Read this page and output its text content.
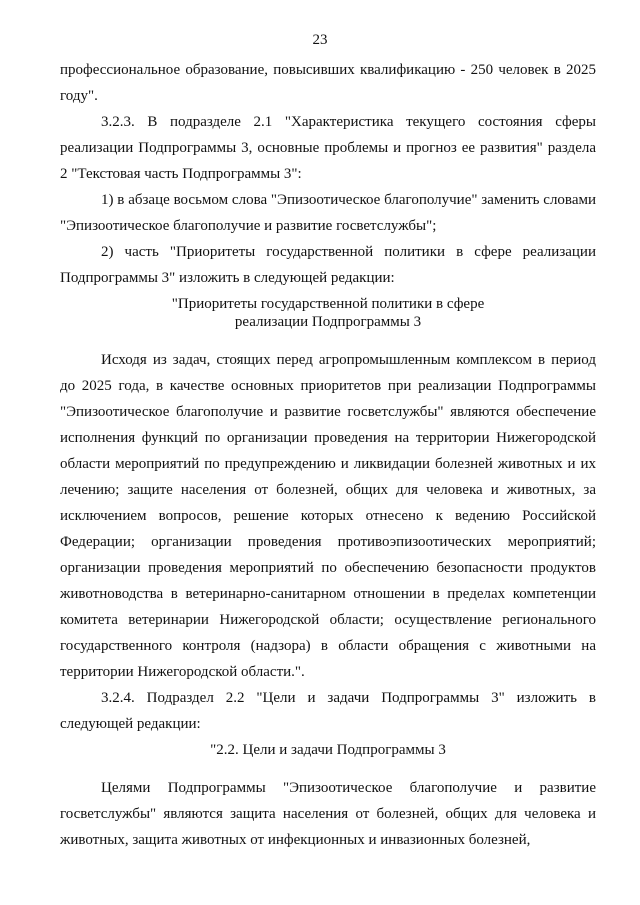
23

профессиональное образование, повысивших квалификацию - 250 человек в 2025 году".

3.2.3. В подразделе 2.1 "Характеристика текущего состояния сферы реализации Подпрограммы 3, основные проблемы и прогноз ее развития" раздела 2 "Текстовая часть Подпрограммы 3":

1) в абзаце восьмом слова "Эпизоотическое благополучие" заменить словами "Эпизоотическое благополучие и развитие госветслужбы";

2) часть "Приоритеты государственной политики в сфере реализации Подпрограммы 3" изложить в следующей редакции:

"Приоритеты государственной политики в сфере
реализации Подпрограммы 3

Исходя из задач, стоящих перед агропромышленным комплексом в период до 2025 года, в качестве основных приоритетов при реализации Подпрограммы "Эпизоотическое благополучие и развитие госветслужбы" являются обеспечение исполнения функций по организации проведения на территории Нижегородской области мероприятий по предупреждению и ликвидации болезней животных и их лечению; защите населения от болезней, общих для человека и животных, за исключением вопросов, решение которых отнесено к ведению Российской Федерации; организации проведения противоэпизоотических мероприятий; организации проведения мероприятий по обеспечению безопасности продуктов животноводства в ветеринарно-санитарном отношении в пределах компетенции комитета ветеринарии Нижегородской области; осуществление регионального государственного контроля (надзора) в области обращения с животными на территории Нижегородской области.".

3.2.4. Подраздел 2.2 "Цели и задачи Подпрограммы 3" изложить в следующей редакции:

"2.2. Цели и задачи Подпрограммы 3

Целями Подпрограммы "Эпизоотическое благополучие и развитие госветслужбы" являются защита населения от болезней, общих для человека и животных, защита животных от инфекционных и инвазионных болезней,
